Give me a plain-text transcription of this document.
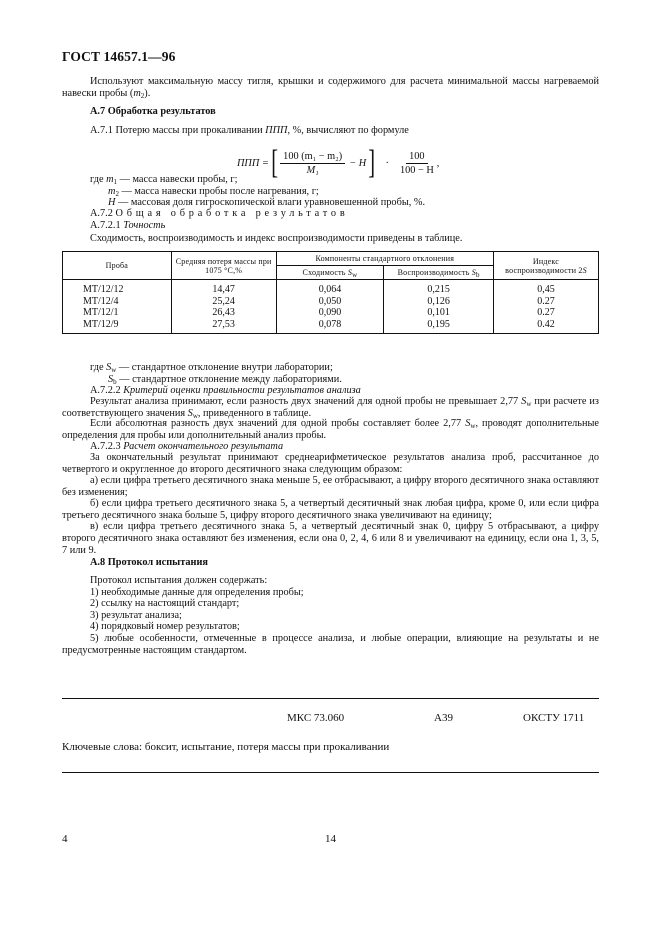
ГОСТ 14657.1—96
Используют максимальную массу тигля, крышки и содержимого для расчета минимальной массы нагреваемой навески пробы $(m_2)$.
А.7 Обработка результатов
А.7.1 Потерю массы при прокаливании ППП, %, вычисляют по формуле
ППП = [ $\frac{\text{100 (m₁ − m₂)}}{\text{M₁}} - H$ ] · $\frac{100}{100 - H}$ ,
где $m_1$ — масса навески пробы, г;
$m_2$ — масса навески пробы после нагревания, г;
H — массовая доля гигроскопической влаги уравновешенной пробы, %.
А.7.2 Общая обработка результатов
А.7.2.1 Точность
Сходимость, воспроизводимость и индекс воспроизводимости приведены в таблице.
Проба	Средняя потеря массы при 1075 °С,%	Компоненты стандартного отклонения		Индекс воспроизводимости 2S
		Сходимость $S_w$	Воспроизводимость $S_b$
МТ/12/12	14,47	0,064	0,215	0,45
МТ/12/4	25,24	0,050	0,126	0.27
МТ/12/1	26,43	0,090	0,101	0.27
МТ/12/9	27,53	0,078	0,195	0.42
где $S_w$ — стандартное отклонение внутри лаборатории;
$S_b$ — стандартное отклонение между лабораториями.
А.7.2.2 Критерий оценки правильности результатов анализа
Результат анализа принимают, если разность двух значений для одной пробы не превышает 2,77 $S_w$ при расчете из соответствующего значения $S_w$, приведенного в таблице.
Если абсолютная разность двух значений для одной пробы составляет более 2,77 $S_w$, проводят дополнительные определения для пробы или дополнительный анализ пробы.
А.7.2.3 Расчет окончательного результата
За окончательный результат принимают среднеарифметическое результатов анализа проб, рассчитанное до четвертого и округленное до второго десятичного знака следующим образом:
а) если цифра третьего десятичного знака меньше 5, ее отбрасывают, а цифру второго десятичного знака оставляют без изменения;
б) если цифра третьего десятичного знака 5, а четвертый десятичный знак любая цифра, кроме 0, или если цифра третьего десятичного знака больше 5, цифру второго десятичного знака увеличивают на единицу;
в) если цифра третьего десятичного знака 5, а четвертый десятичный знак 0, цифру 5 отбрасывают, а цифру второго десятичного знака оставляют без изменения, если она 0, 2, 4, 6 или 8 и увеличивают на единицу, если она 1, 3, 5, 7 или 9.
А.8 Протокол испытания
Протокол испытания должен содержать:
1) необходимые данные для определения пробы;
2) ссылку на настоящий стандарт;
3) результат анализа;
4) порядковый номер результатов;
5) любые особенности, отмеченные в процессе анализа, и любые операции, влияющие на результаты и не предусмотренные настоящим стандартом.
МКС 73.060	А39	ОКСТУ 1711
Ключевые слова: боксит, испытание, потеря массы при прокаливании
4	14
